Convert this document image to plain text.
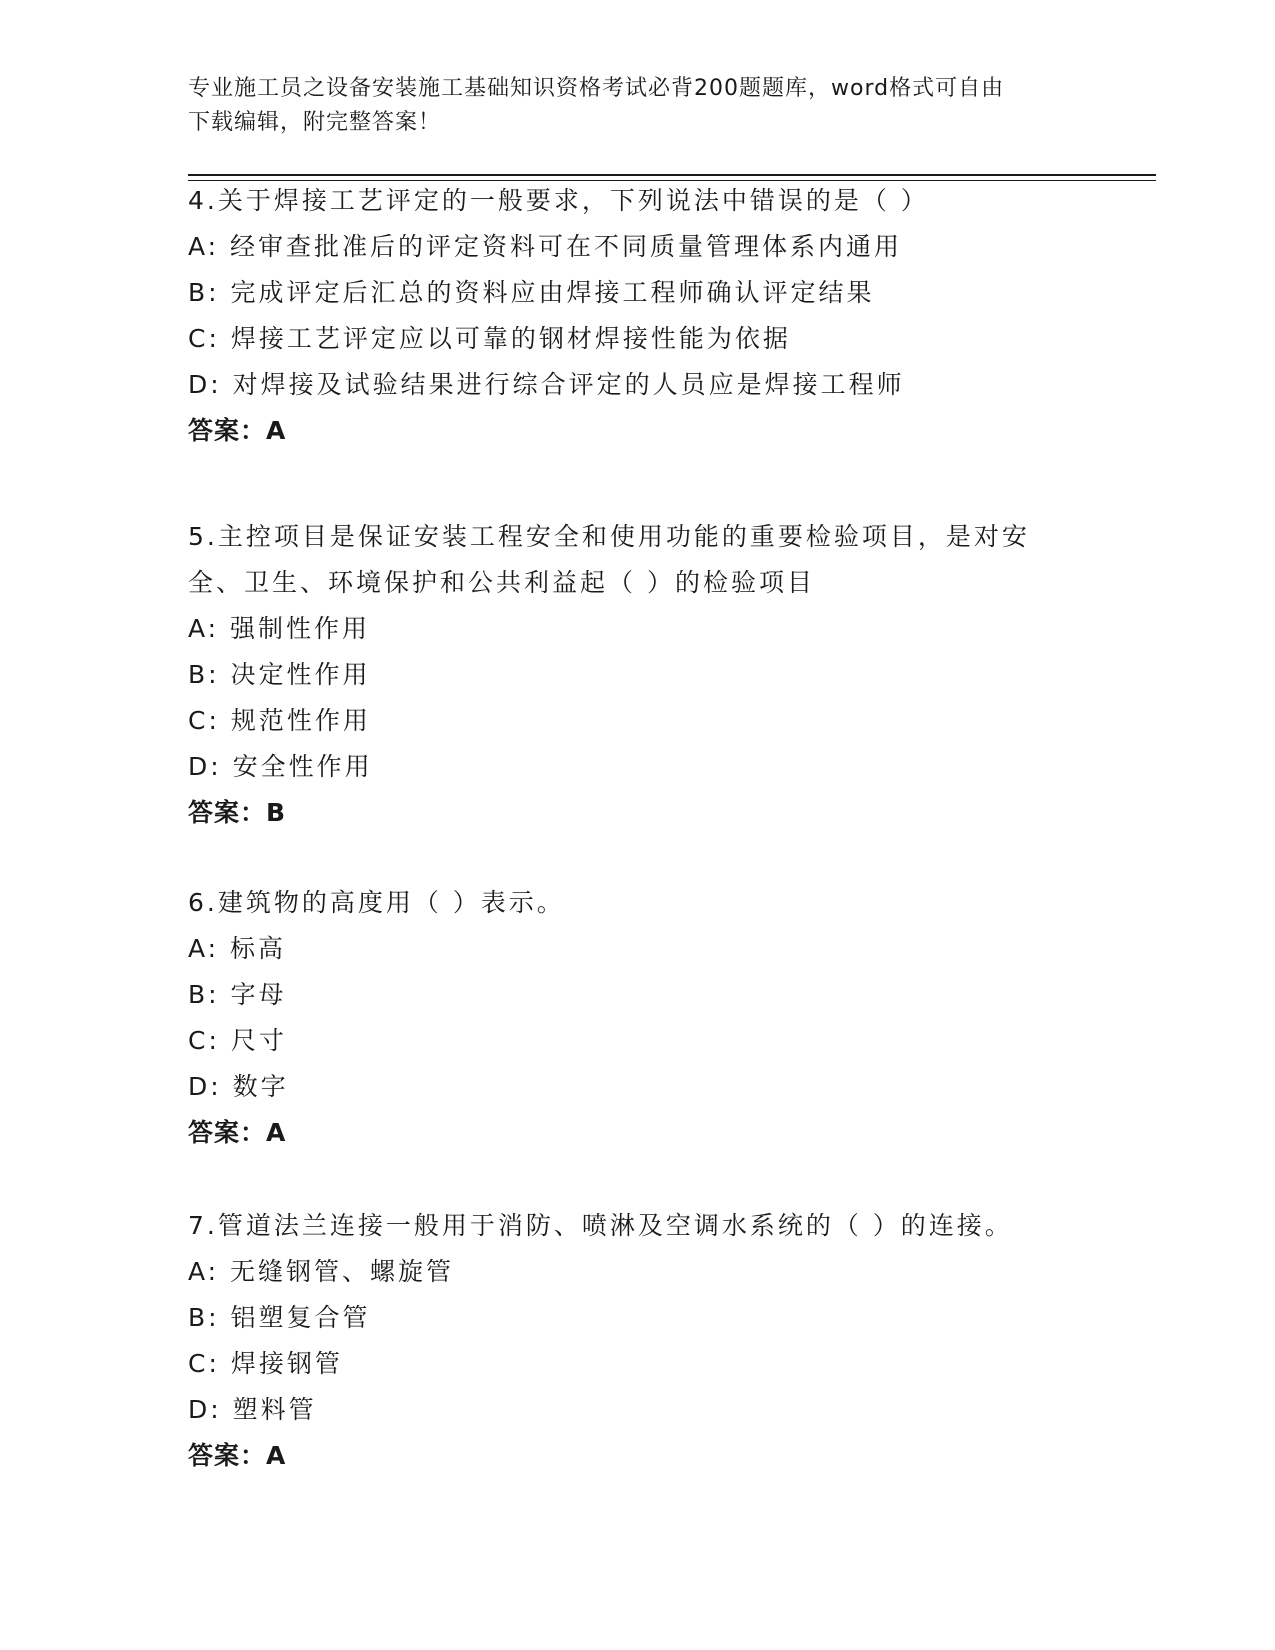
专业施工员之设备安装施工基础知识资格考试必背200题题库，word格式可自由
下载编辑，附完整答案！
4.关于焊接工艺评定的一般要求，下列说法中错误的是（ ）
A: 经审查批准后的评定资料可在不同质量管理体系内通用
B: 完成评定后汇总的资料应由焊接工程师确认评定结果
C: 焊接工艺评定应以可靠的钢材焊接性能为依据
D: 对焊接及试验结果进行综合评定的人员应是焊接工程师
答案：A
5.主控项目是保证安装工程安全和使用功能的重要检验项目，是对安
全、卫生、环境保护和公共利益起（ ）的检验项目
A: 强制性作用
B: 决定性作用
C: 规范性作用
D: 安全性作用
答案：B
6.建筑物的高度用（ ）表示。
A: 标高
B: 字母
C: 尺寸
D: 数字
答案：A
7.管道法兰连接一般用于消防、喷淋及空调水系统的（ ）的连接。
A: 无缝钢管、螺旋管
B: 铝塑复合管
C: 焊接钢管
D: 塑料管
答案：A
